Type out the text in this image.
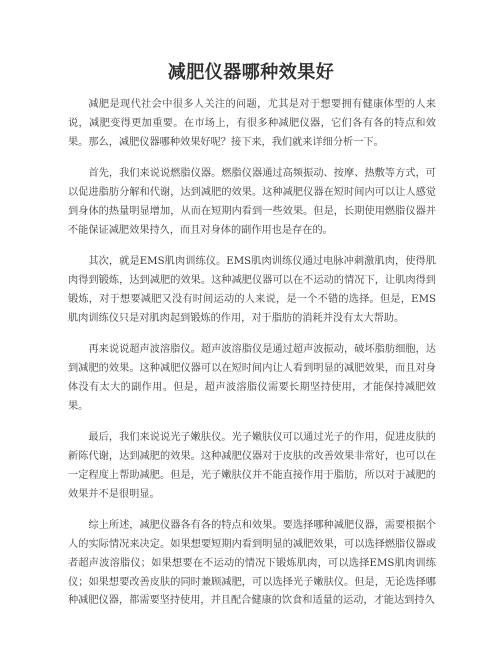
减肥仪器哪种效果好

减肥是现代社会中很多人关注的问题，尤其是对于想要拥有健康体型的人来说，减肥变得更加重要。在市场上，有很多种减肥仪器，它们各有各的特点和效果。那么，减肥仪器哪种效果好呢？接下来，我们就来详细分析一下。

首先，我们来说说燃脂仪器。燃脂仪器通过高频振动、按摩、热敷等方式，可以促进脂肪分解和代谢，达到减肥的效果。这种减肥仪器在短时间内可以让人感觉到身体的热量明显增加，从而在短期内看到一些效果。但是，长期使用燃脂仪器并不能保证减肥效果持久，而且对身体的副作用也是存在的。

其次，就是EMS肌肉训练仪。EMS肌肉训练仪通过电脉冲刺激肌肉，使得肌肉得到锻炼，达到减肥的效果。这种减肥仪器可以在不运动的情况下，让肌肉得到锻炼，对于想要减肥又没有时间运动的人来说，是一个不错的选择。但是，EMS肌肉训练仪只是对肌肉起到锻炼的作用，对于脂肪的消耗并没有太大帮助。

再来说说超声波溶脂仪。超声波溶脂仪是通过超声波振动，破坏脂肪细胞，达到减肥的效果。这种减肥仪器可以在短时间内让人看到明显的减肥效果，而且对身体没有太大的副作用。但是，超声波溶脂仪需要长期坚持使用，才能保持减肥效果。

最后，我们来说说光子嫩肤仪。光子嫩肤仪可以通过光子的作用，促进皮肤的新陈代谢，达到减肥的效果。这种减肥仪器对于皮肤的改善效果非常好，也可以在一定程度上帮助减肥。但是，光子嫩肤仪并不能直接作用于脂肪，所以对于减肥的效果并不是很明显。

综上所述，减肥仪器各有各的特点和效果。要选择哪种减肥仪器，需要根据个人的实际情况来决定。如果想要短期内看到明显的减肥效果，可以选择燃脂仪器或者超声波溶脂仪；如果想要在不运动的情况下锻炼肌肉，可以选择EMS肌肉训练仪；如果想要改善皮肤的同时兼顾减肥，可以选择光子嫩肤仪。但是，无论选择哪种减肥仪器，都需要坚持使用，并且配合健康的饮食和适量的运动，才能达到持久
